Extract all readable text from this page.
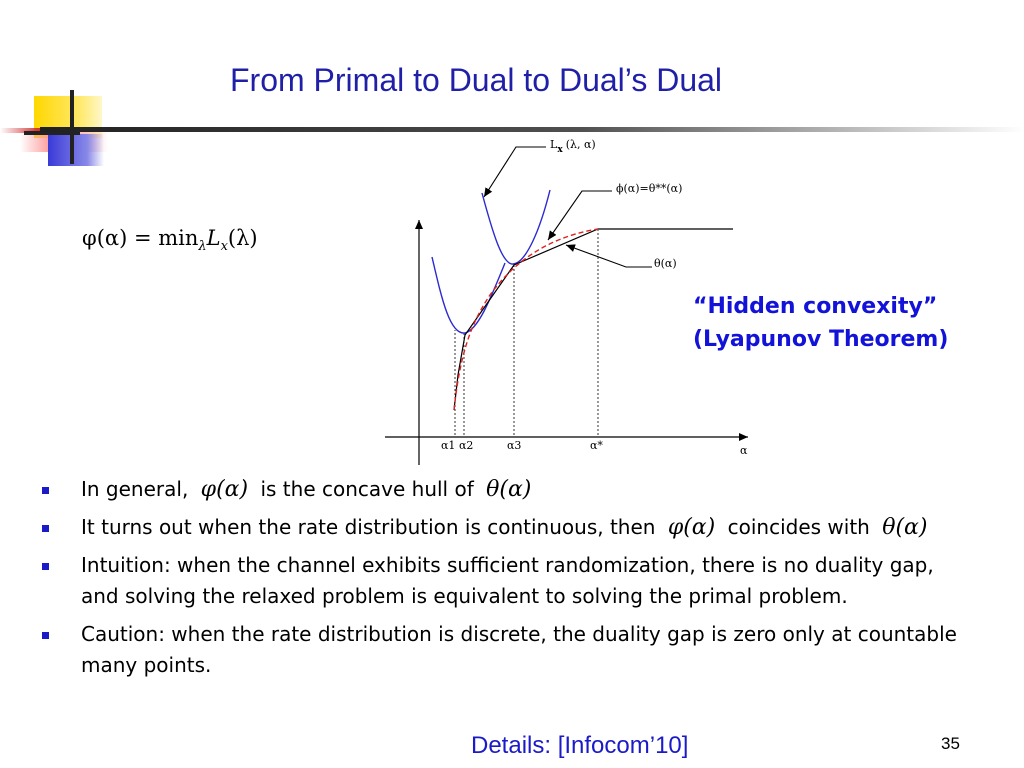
From Primal to Dual to Dual’s Dual
$\varphi(\alpha) = \min_\lambda L_x(\lambda)$
$L_x$ (λ, α)
ϕ(α)=θ**(α)
θ(α)
α1 α2	α3	α*	α
“Hidden convexity”
(Lyapunov Theorem)
In general, φ(α) is the concave hull of θ(α)
It turns out when the rate distribution is continuous, then φ(α) coincides with θ(α)
Intuition: when the channel exhibits sufficient randomization, there is no duality gap, and solving the relaxed problem is equivalent to solving the primal problem.
Caution: when the rate distribution is discrete, the duality gap is zero only at countable many points.
Details: [Infocom’10]	35
